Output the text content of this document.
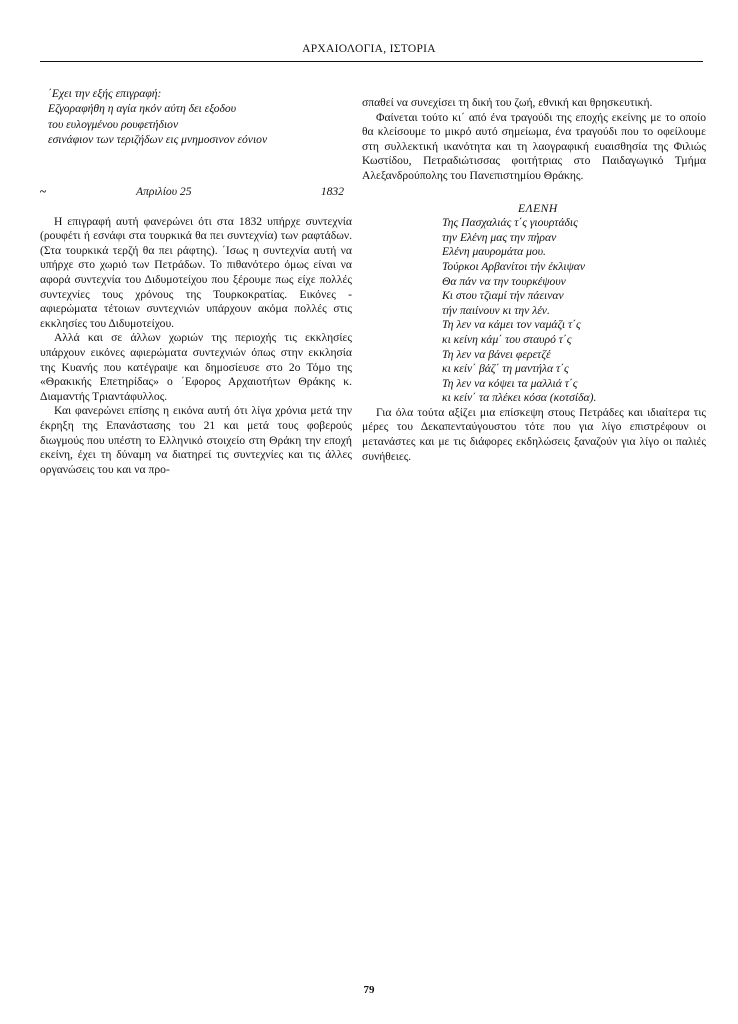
ΑΡΧΑΙΟΛΟΓΙΑ, ΙΣΤΟΡΙΑ
΄Εχει την εξής επιγραφή:
Εζγοραφήθη η αγία ηκόν αύτη δει εξοδου
του ευλογμένου ρουφετήδιον
εσινάφιον των τεριζήδων εις μνημοσινον εόνιον
~	Απριλίου 25	1832

Η επιγραφή αυτή φανερώνει ότι στα 1832 υπήρχε συντεχνία (ρουφέτι ή εσνάφι στα τουρκικά θα πει συντεχνία) των ραφτάδων. (Στα τουρκικά τερζή θα πει ράφτης). ΄Ισως η συντεχνία αυτή να υπήρχε στο χωριό των Πετράδων. Το πιθανότερο όμως είναι να αφορά συντεχνία του Διδυμοτείχου που ξέρουμε πως είχε πολλές συντεχνίες τους χρόνους της Τουρκοκρατίας. Εικόνες - αφιερώματα τέτοιων συντεχνιών υπάρχουν ακόμα πολλές στις εκκλησίες του Διδυμοτείχου.

Αλλά και σε άλλων χωριών της περιοχής τις εκκλησίες υπάρχουν εικόνες αφιερώματα συντεχνιών όπως στην εκκλησία της Κυανής που κατέγραψε και δημοσίευσε στο 2ο Τόμο της «Θρακικής Επετηρίδας» ο ΄Εφορος Αρχαιοτήτων Θράκης κ. Διαμαντής Τριαντάφυλλος.

Και φανερώνει επίσης η εικόνα αυτή ότι λίγα χρόνια μετά την έκρηξη της Επανάστασης του 21 και μετά τους φοβερούς διωγμούς που υπέστη το Ελληνικό στοιχείο στη Θράκη την εποχή εκείνη, έχει τη δύναμη να διατηρεί τις συντεχνίες και τις άλλες οργανώσεις του και να προ-

σπαθεί να συνεχίσει τη δική του ζωή, εθνική και θρησκευτική.

Φαίνεται τούτο κι΄ από ένα τραγούδι της εποχής εκείνης με το οποίο θα κλείσουμε το μικρό αυτό σημείωμα, ένα τραγούδι που το οφείλουμε στη συλλεκτική ικανότητα και τη λαογραφική ευαισθησία της Φιλιώς Κωστίδου, Πετραδιώτισσας φοιτήτριας στο Παιδαγωγικό Τμήμα Αλεξανδρούπολης του Πανεπιστημίου Θράκης.

ΕΛΕΝΗ
Της Πασχαλιάς τ΄ς γιουρτάδις
την Ελένη μας την πήραν
Ελένη μαυρομάτα μου.
Τούρκοι Αρβανίτοι τήν έκλιψαν
Θα πάν να την τουρκέψουν
Κι στου τζιαμί τήν πάειναν
τήν παιίνουν κι την λέν.
Τη λεν να κάμει τον ναμάζι τ΄ς
κι κείνη κάμ΄ του σταυρό τ΄ς
Τη λεν να βάνει φερετζέ
κι κείν΄ βάζ΄ τη μαντήλα τ΄ς
Τη λεν να κόψει τα μαλλιά τ΄ς
κι κείν΄ τα πλέκει κόσα (κοτσίδα).

Για όλα τούτα αξίζει μια επίσκεψη στους Πετράδες και ιδιαίτερα τις μέρες του Δεκαπενταύγουστου τότε που για λίγο επιστρέφουν οι μετανάστες και με τις διάφορες εκδηλώσεις ξαναζούν για λίγο οι παλιές συνήθειες.

79
